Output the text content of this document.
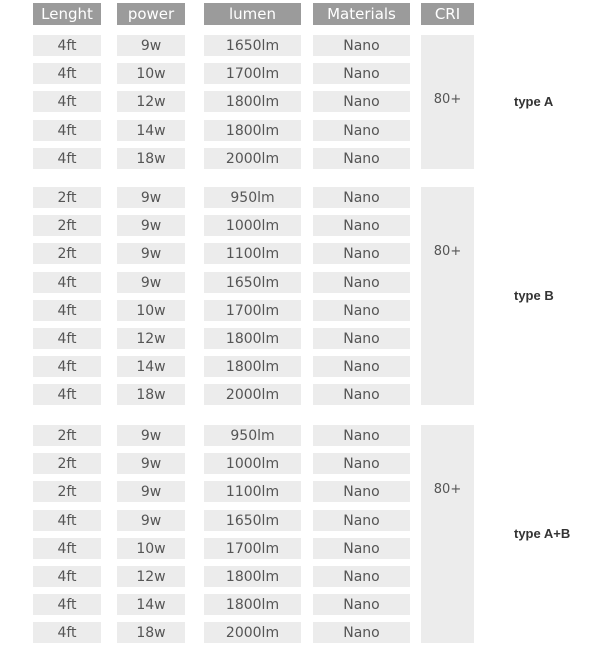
Lenght	power	lumen	Materials	CRI
4ft	9w	1650lm	Nano
4ft	10w	1700lm	Nano
4ft	12w	1800lm	Nano
4ft	14w	1800lm	Nano
4ft	18w	2000lm	Nano
80+	type A
2ft	9w	950lm	Nano
2ft	9w	1000lm	Nano
2ft	9w	1100lm	Nano
4ft	9w	1650lm	Nano
4ft	10w	1700lm	Nano
4ft	12w	1800lm	Nano
4ft	14w	1800lm	Nano
4ft	18w	2000lm	Nano
80+
type B
2ft	9w	950lm	Nano
2ft	9w	1000lm	Nano
2ft	9w	1100lm	Nano
4ft	9w	1650lm	Nano
4ft	10w	1700lm	Nano
4ft	12w	1800lm	Nano
4ft	14w	1800lm	Nano
4ft	18w	2000lm	Nano
80+
type A+B
